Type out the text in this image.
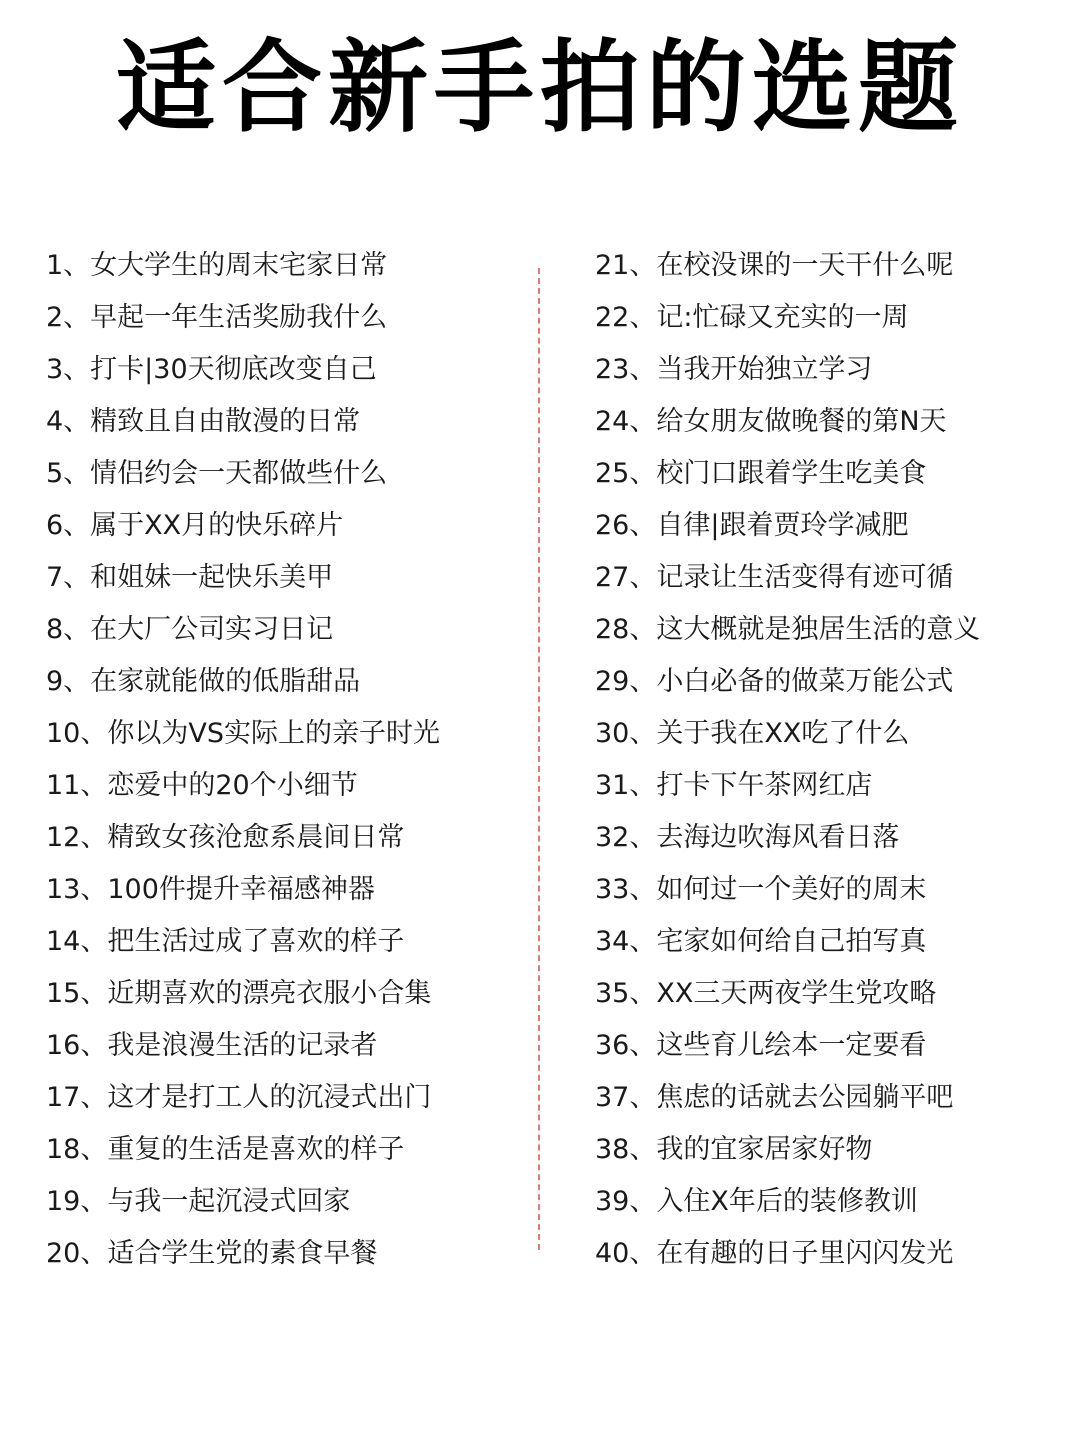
适合新手拍的选题
1、女大学生的周末宅家日常
2、早起一年生活奖励我什么
3、打卡|30天彻底改变自己
4、精致且自由散漫的日常
5、情侣约会一天都做些什么
6、属于XX月的快乐碎片
7、和姐妹一起快乐美甲
8、在大厂公司实习日记
9、在家就能做的低脂甜品
10、你以为VS实际上的亲子时光
11、恋爱中的20个小细节
12、精致女孩沧愈系晨间日常
13、100件提升幸福感神器
14、把生活过成了喜欢的样子
15、近期喜欢的漂亮衣服小合集
16、我是浪漫生活的记录者
17、这才是打工人的沉浸式出门
18、重复的生活是喜欢的样子
19、与我一起沉浸式回家
20、适合学生党的素食早餐
21、在校没课的一天干什么呢
22、记:忙碌又充实的一周
23、当我开始独立学习
24、给女朋友做晚餐的第N天
25、校门口跟着学生吃美食
26、自律|跟着贾玲学减肥
27、记录让生活变得有迹可循
28、这大概就是独居生活的意义
29、小白必备的做菜万能公式
30、关于我在XX吃了什么
31、打卡下午茶网红店
32、去海边吹海风看日落
33、如何过一个美好的周末
34、宅家如何给自己拍写真
35、XX三天两夜学生党攻略
36、这些育儿绘本一定要看
37、焦虑的话就去公园躺平吧
38、我的宜家居家好物
39、入住X年后的装修教训
40、在有趣的日子里闪闪发光
